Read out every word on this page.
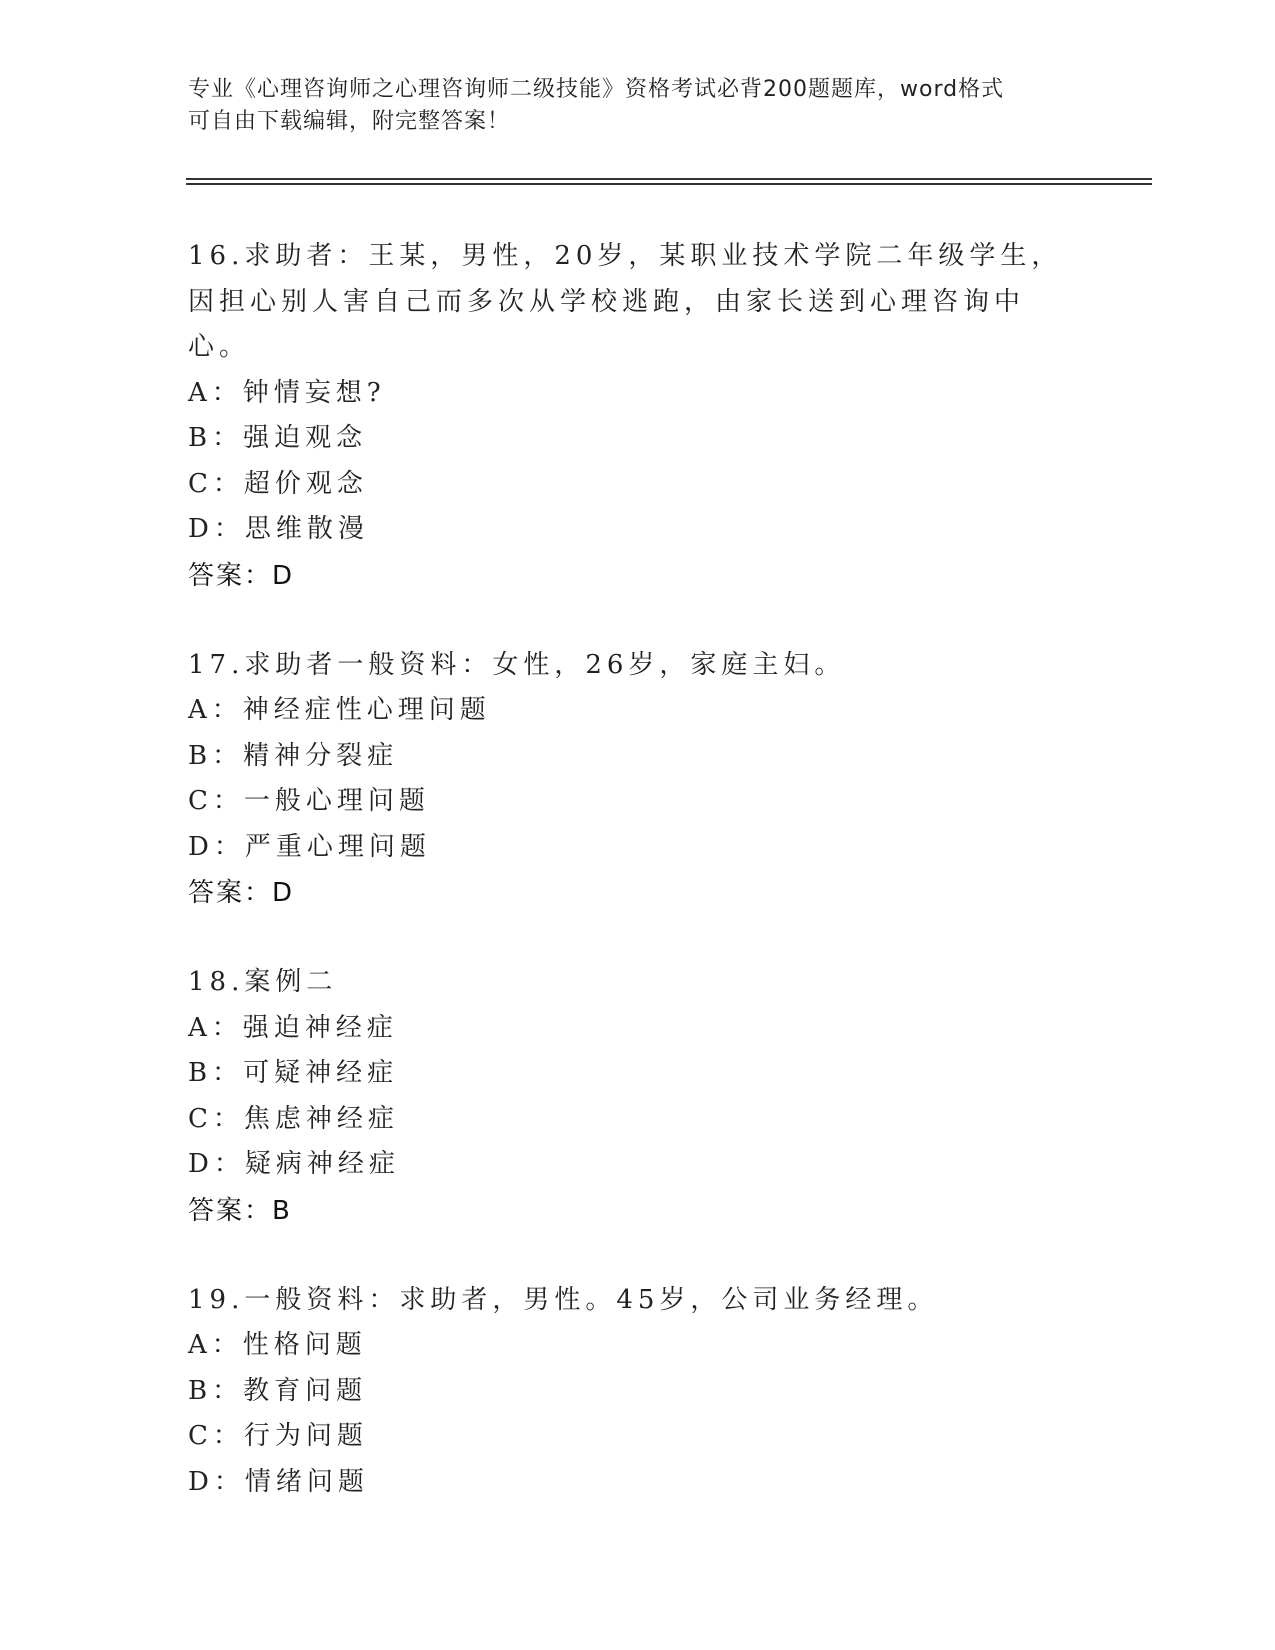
专业《心理咨询师之心理咨询师二级技能》资格考试必背200题题库，word格式
可自由下载编辑，附完整答案！
16.求助者：王某，男性，20岁，某职业技术学院二年级学生，因担心别人害自己而多次从学校逃跑，由家长送到心理咨询中心。
A：钟情妄想?
B：强迫观念
C：超价观念
D：思维散漫
答案：D
17.求助者一般资料：女性，26岁，家庭主妇。
A：神经症性心理问题
B：精神分裂症
C：一般心理问题
D：严重心理问题
答案：D
18.案例二
A：强迫神经症
B：可疑神经症
C：焦虑神经症
D：疑病神经症
答案：B
19.一般资料：求助者，男性。45岁，公司业务经理。
A：性格问题
B：教育问题
C：行为问题
D：情绪问题
